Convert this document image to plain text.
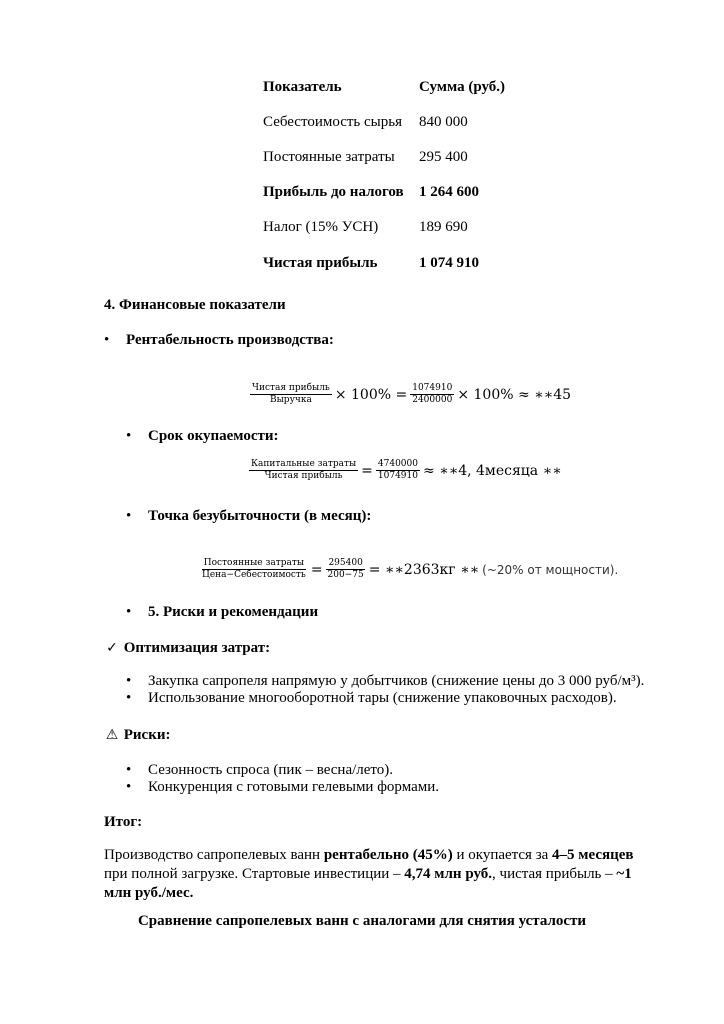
Показатель	Сумма (руб.)
Себестоимость сырья 840 000
Постоянные затраты 295 400
Прибыль до налогов 1 264 600
Налог (15% УСН)	189 690
Чистая прибыль	1 074 910
4. Финансовые показатели
• Рентабельность производства:
$\frac{\text{Чистая прибыль}}{\text{Выручка}} \times 100\% = \frac{1074910}{2400000} \times 100\%$ ≈ ∗∗45
• Срок окупаемости:
$\frac{\text{Капитальные затраты}}{\text{Чистая прибыль}} = \frac{4740000}{1074910}$ ≈ ∗∗4, 4месяца ∗∗
• Точка безубыточности (в месяц):
$\frac{\text{Постоянные затраты}}{\text{Цена−Себестоимость}} = \frac{295400}{200-75}$ = ∗∗2363кг ∗∗ (~20% от мощности).
• 5. Риски и рекомендации
✓ Оптимизация затрат:
• Закупка сапропеля напрямую у добытчиков (снижение цены до 3 000 руб/м³).
• Использование многооборотной тары (снижение упаковочных расходов).
⚠ Риски:
• Сезонность спроса (пик – весна/лето).
• Конкуренция с готовыми гелевыми формами.
Итог:
Производство сапропелевых ванн рентабельно (45%) и окупается за 4–5 месяцев при полной загрузке. Стартовые инвестиции – 4,74 млн руб., чистая прибыль – ~1 млн руб./мес.
Сравнение сапропелевых ванн с аналогами для снятия усталости
